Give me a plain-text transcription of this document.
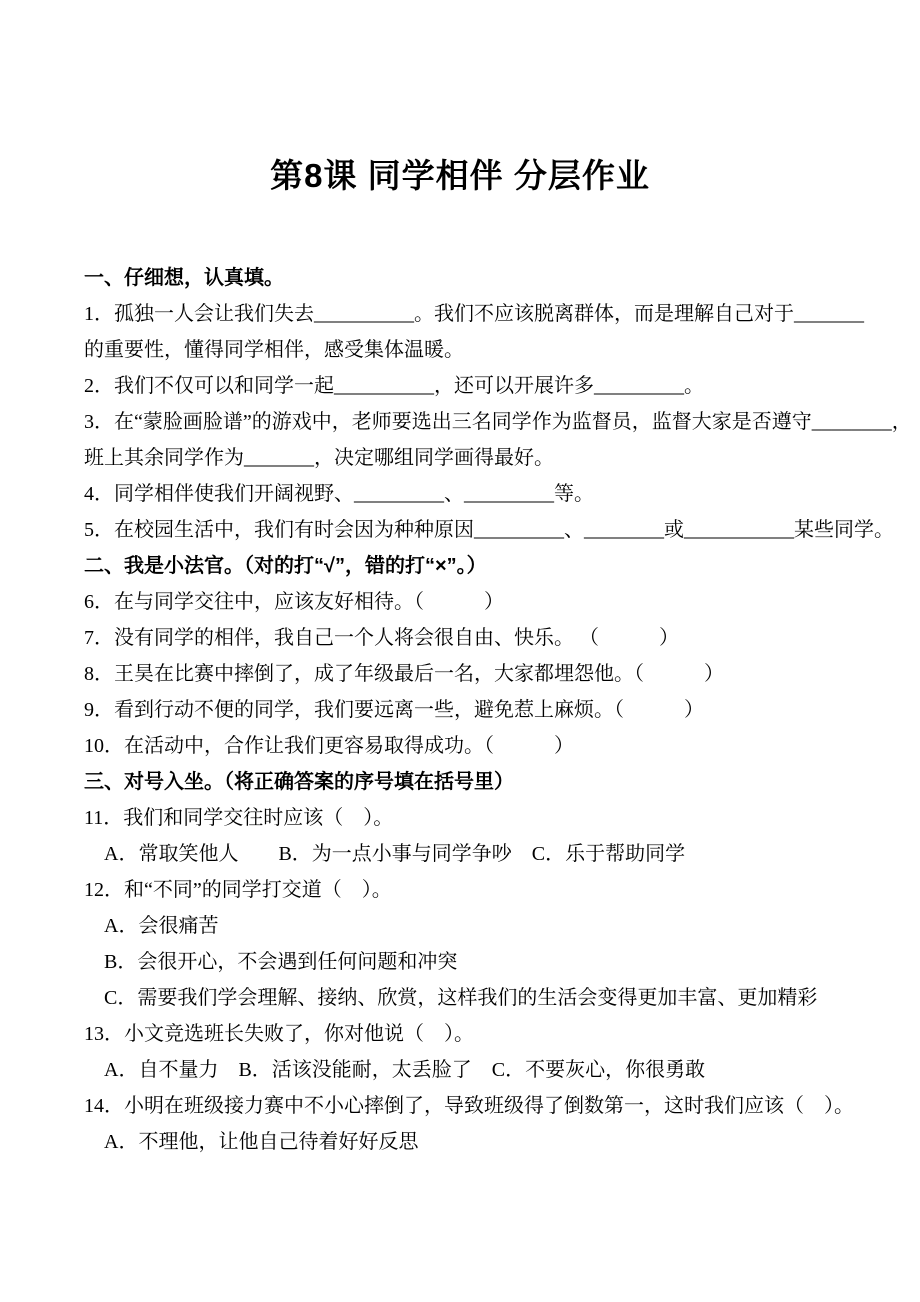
第8课 同学相伴 分层作业
一、仔细想，认真填。
1．孤独一人会让我们失去__________。我们不应该脱离群体，而是理解自己对于_______
的重要性，懂得同学相伴，感受集体温暖。
2．我们不仅可以和同学一起__________，还可以开展许多_________。
3．在“蒙脸画脸谱”的游戏中，老师要选出三名同学作为监督员，监督大家是否遵守________，
班上其余同学作为_______，决定哪组同学画得最好。
4．同学相伴使我们开阔视野、_________、_________等。
5．在校园生活中，我们有时会因为种种原因_________、________或___________某些同学。
二、我是小法官。（对的打“√”，错的打“×”。）
6．在与同学交往中，应该友好相待。（　　　）
7．没有同学的相伴，我自己一个人将会很自由、快乐。 （　　　）
8．王昊在比赛中摔倒了，成了年级最后一名，大家都埋怨他。（　　　）
9．看到行动不便的同学，我们要远离一些，避免惹上麻烦。（　　　）
10．在活动中，合作让我们更容易取得成功。（　　　）
三、对号入坐。（将正确答案的序号填在括号里）
11．我们和同学交往时应该（　）。
A．常取笑他人　　B．为一点小事与同学争吵　C．乐于帮助同学
12．和“不同”的同学打交道（　）。
A．会很痛苦
B．会很开心，不会遇到任何问题和冲突
C．需要我们学会理解、接纳、欣赏，这样我们的生活会变得更加丰富、更加精彩
13．小文竞选班长失败了，你对他说（　）。
A．自不量力　B．活该没能耐，太丢脸了　C．不要灰心，你很勇敢
14．小明在班级接力赛中不小心摔倒了，导致班级得了倒数第一，这时我们应该（　）。
A．不理他，让他自己待着好好反思
